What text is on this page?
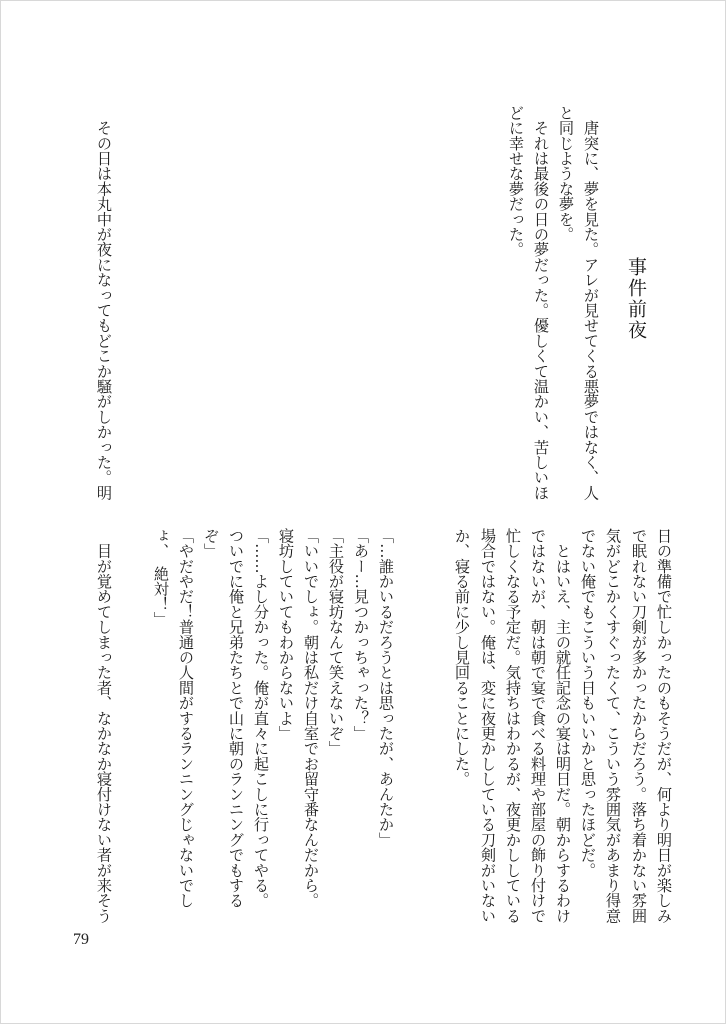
事件前夜
　唐突に、夢を見た。アレが見せてくる悪夢ではなく、人
と同じような夢を。
　それは最後の日の夢だった。優しくて温かい、苦しいほ
どに幸せな夢だった。
　その日は本丸中が夜になってもどこか騒がしかった。明
日の準備で忙しかったのもそうだが、何より明日が楽しみ
で眠れない刀剣が多かったからだろう。落ち着かない雰囲
気がどこかくすぐったくて、こういう雰囲気があまり得意
でない俺でもこういう日もいいかと思ったほどだ。
　とはいえ、主の就任記念の宴は明日だ。朝からするわけ
ではないが、朝は朝で宴で食べる料理や部屋の飾り付けで
忙しくなる予定だ。気持ちはわかるが、夜更かししている
場合ではない。俺は、変に夜更かししている刀剣がいない
か、寝る前に少し見回ることにした。
「…誰かいるだろうとは思ったが、あんたか」
「あー…見つかっちゃった？」
「主役が寝坊なんて笑えないぞ」
「いいでしょ。朝は私だけ自室でお留守番なんだから。
寝坊していてもわからないよ」
「……よし分かった。俺が直々に起こしに行ってやる。
ついでに俺と兄弟たちとで山に朝のランニングでもする
ぞ」
「やだやだ！普通の人間がするランニングじゃないでし
ょ、　絶対！」
　目が覚めてしまった者、なかなか寝付けない者が来そう
79
